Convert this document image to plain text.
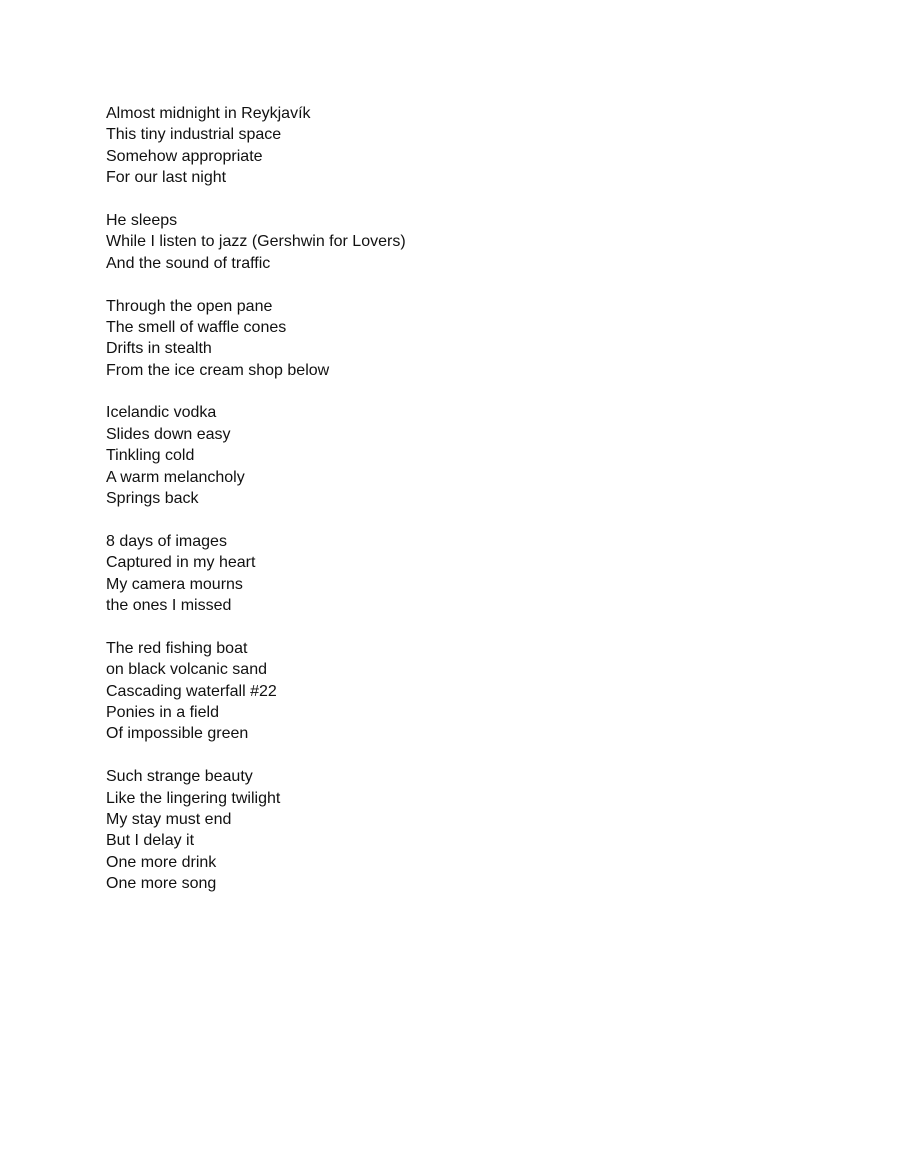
Almost midnight in Reykjavík
This tiny industrial space
Somehow appropriate
For our last night
He sleeps
While I listen to jazz (Gershwin for Lovers)
And the sound of traffic
Through the open pane
The smell of waffle cones
Drifts in stealth
From the ice cream shop below
Icelandic vodka
Slides down easy
Tinkling cold
A warm melancholy
Springs back
8 days of images
Captured in my heart
My camera mourns
the ones I missed
The red fishing boat
on black volcanic sand
Cascading waterfall #22
Ponies in a field
Of impossible green
Such strange beauty
Like the lingering twilight
My stay must end
But I delay it
One more drink
One more song
